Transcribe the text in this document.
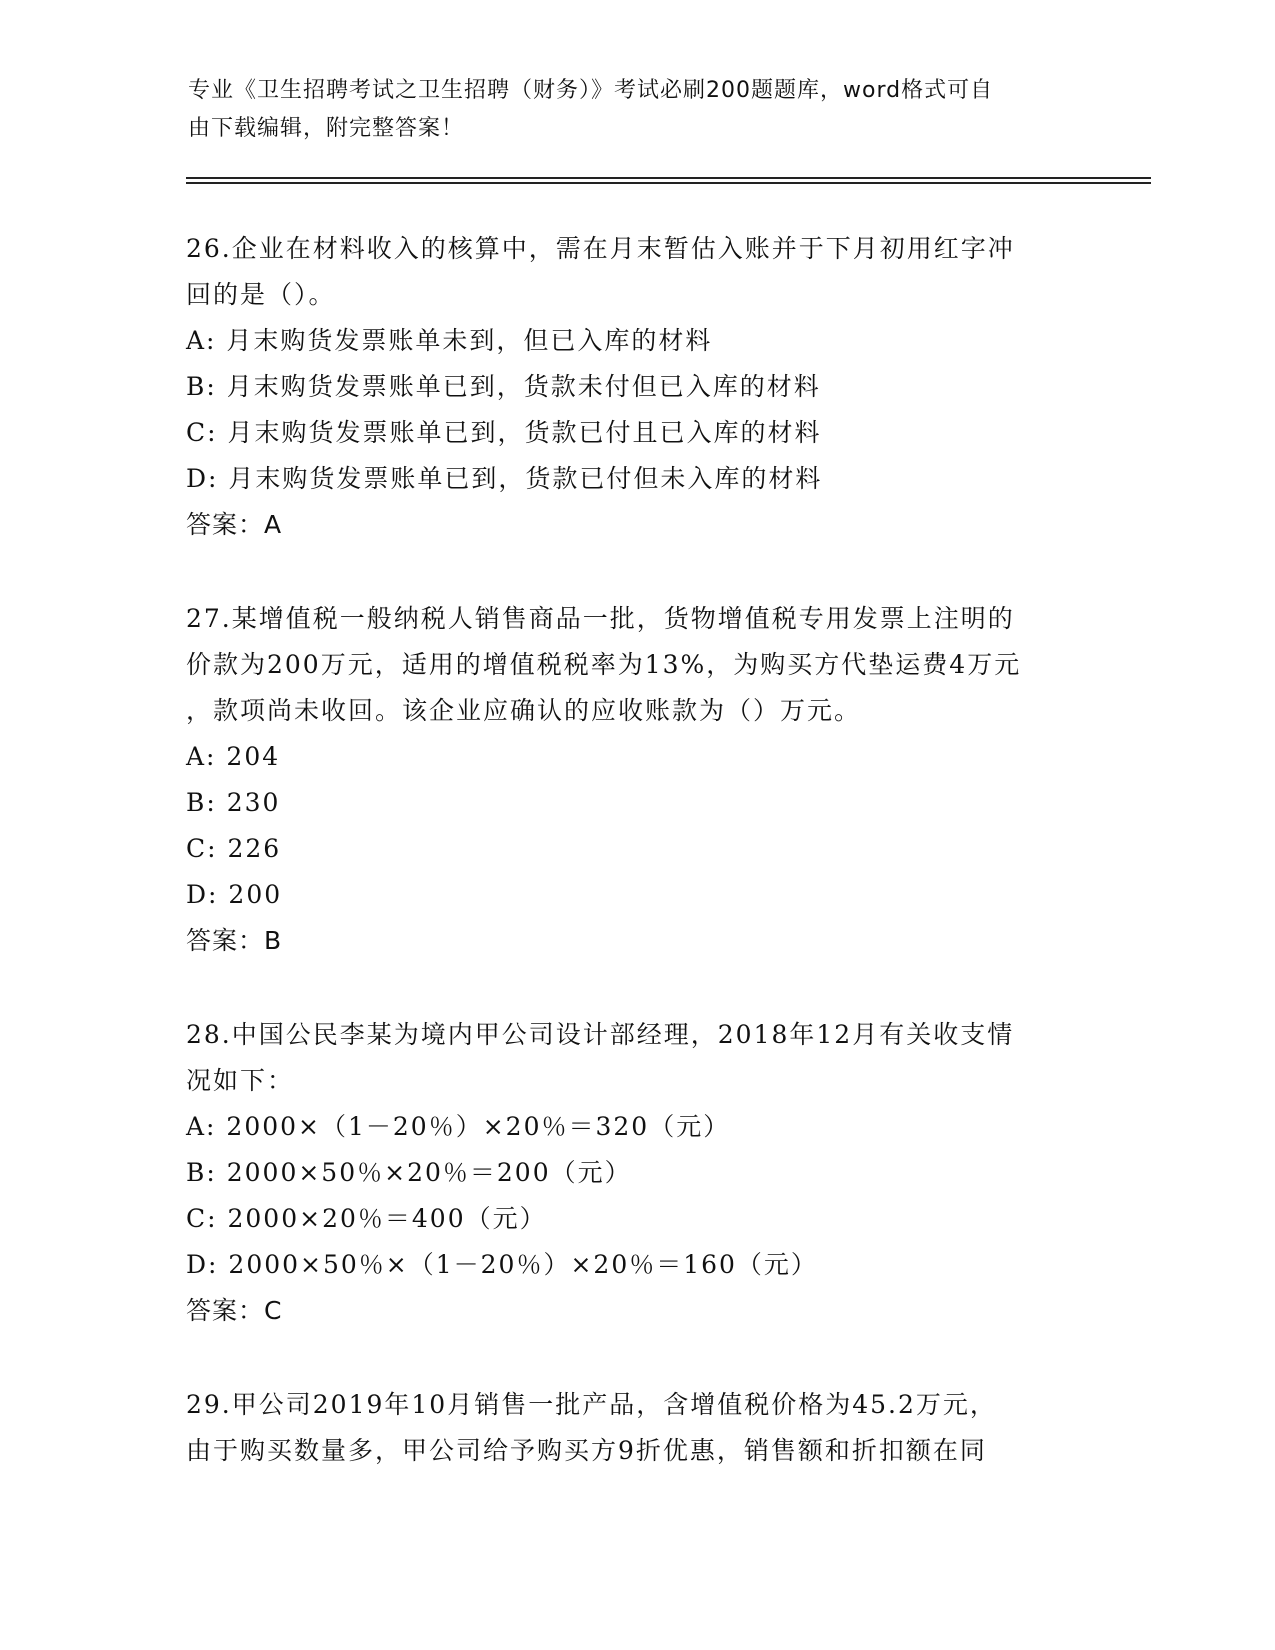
专业《卫生招聘考试之卫生招聘（财务）》考试必刷200题题库，word格式可自
由下载编辑，附完整答案！
26.企业在材料收入的核算中，需在月末暂估入账并于下月初用红字冲
回的是（）。
A: 月末购货发票账单未到，但已入库的材料
B: 月末购货发票账单已到，货款未付但已入库的材料
C: 月末购货发票账单已到，货款已付且已入库的材料
D: 月末购货发票账单已到，货款已付但未入库的材料
答案：A
27.某增值税一般纳税人销售商品一批，货物增值税专用发票上注明的
价款为200万元，适用的增值税税率为13%，为购买方代垫运费4万元
，款项尚未收回。该企业应确认的应收账款为（）万元。
A: 204
B: 230
C: 226
D: 200
答案：B
28.中国公民李某为境内甲公司设计部经理，2018年12月有关收支情
况如下：
A: 2000×（1－20％）×20％＝320（元）
B: 2000×50％×20％＝200（元）
C: 2000×20％＝400（元）
D: 2000×50％×（1－20％）×20％＝160（元）
答案：C
29.甲公司2019年10月销售一批产品，含增值税价格为45.2万元，
由于购买数量多，甲公司给予购买方9折优惠，销售额和折扣额在同
